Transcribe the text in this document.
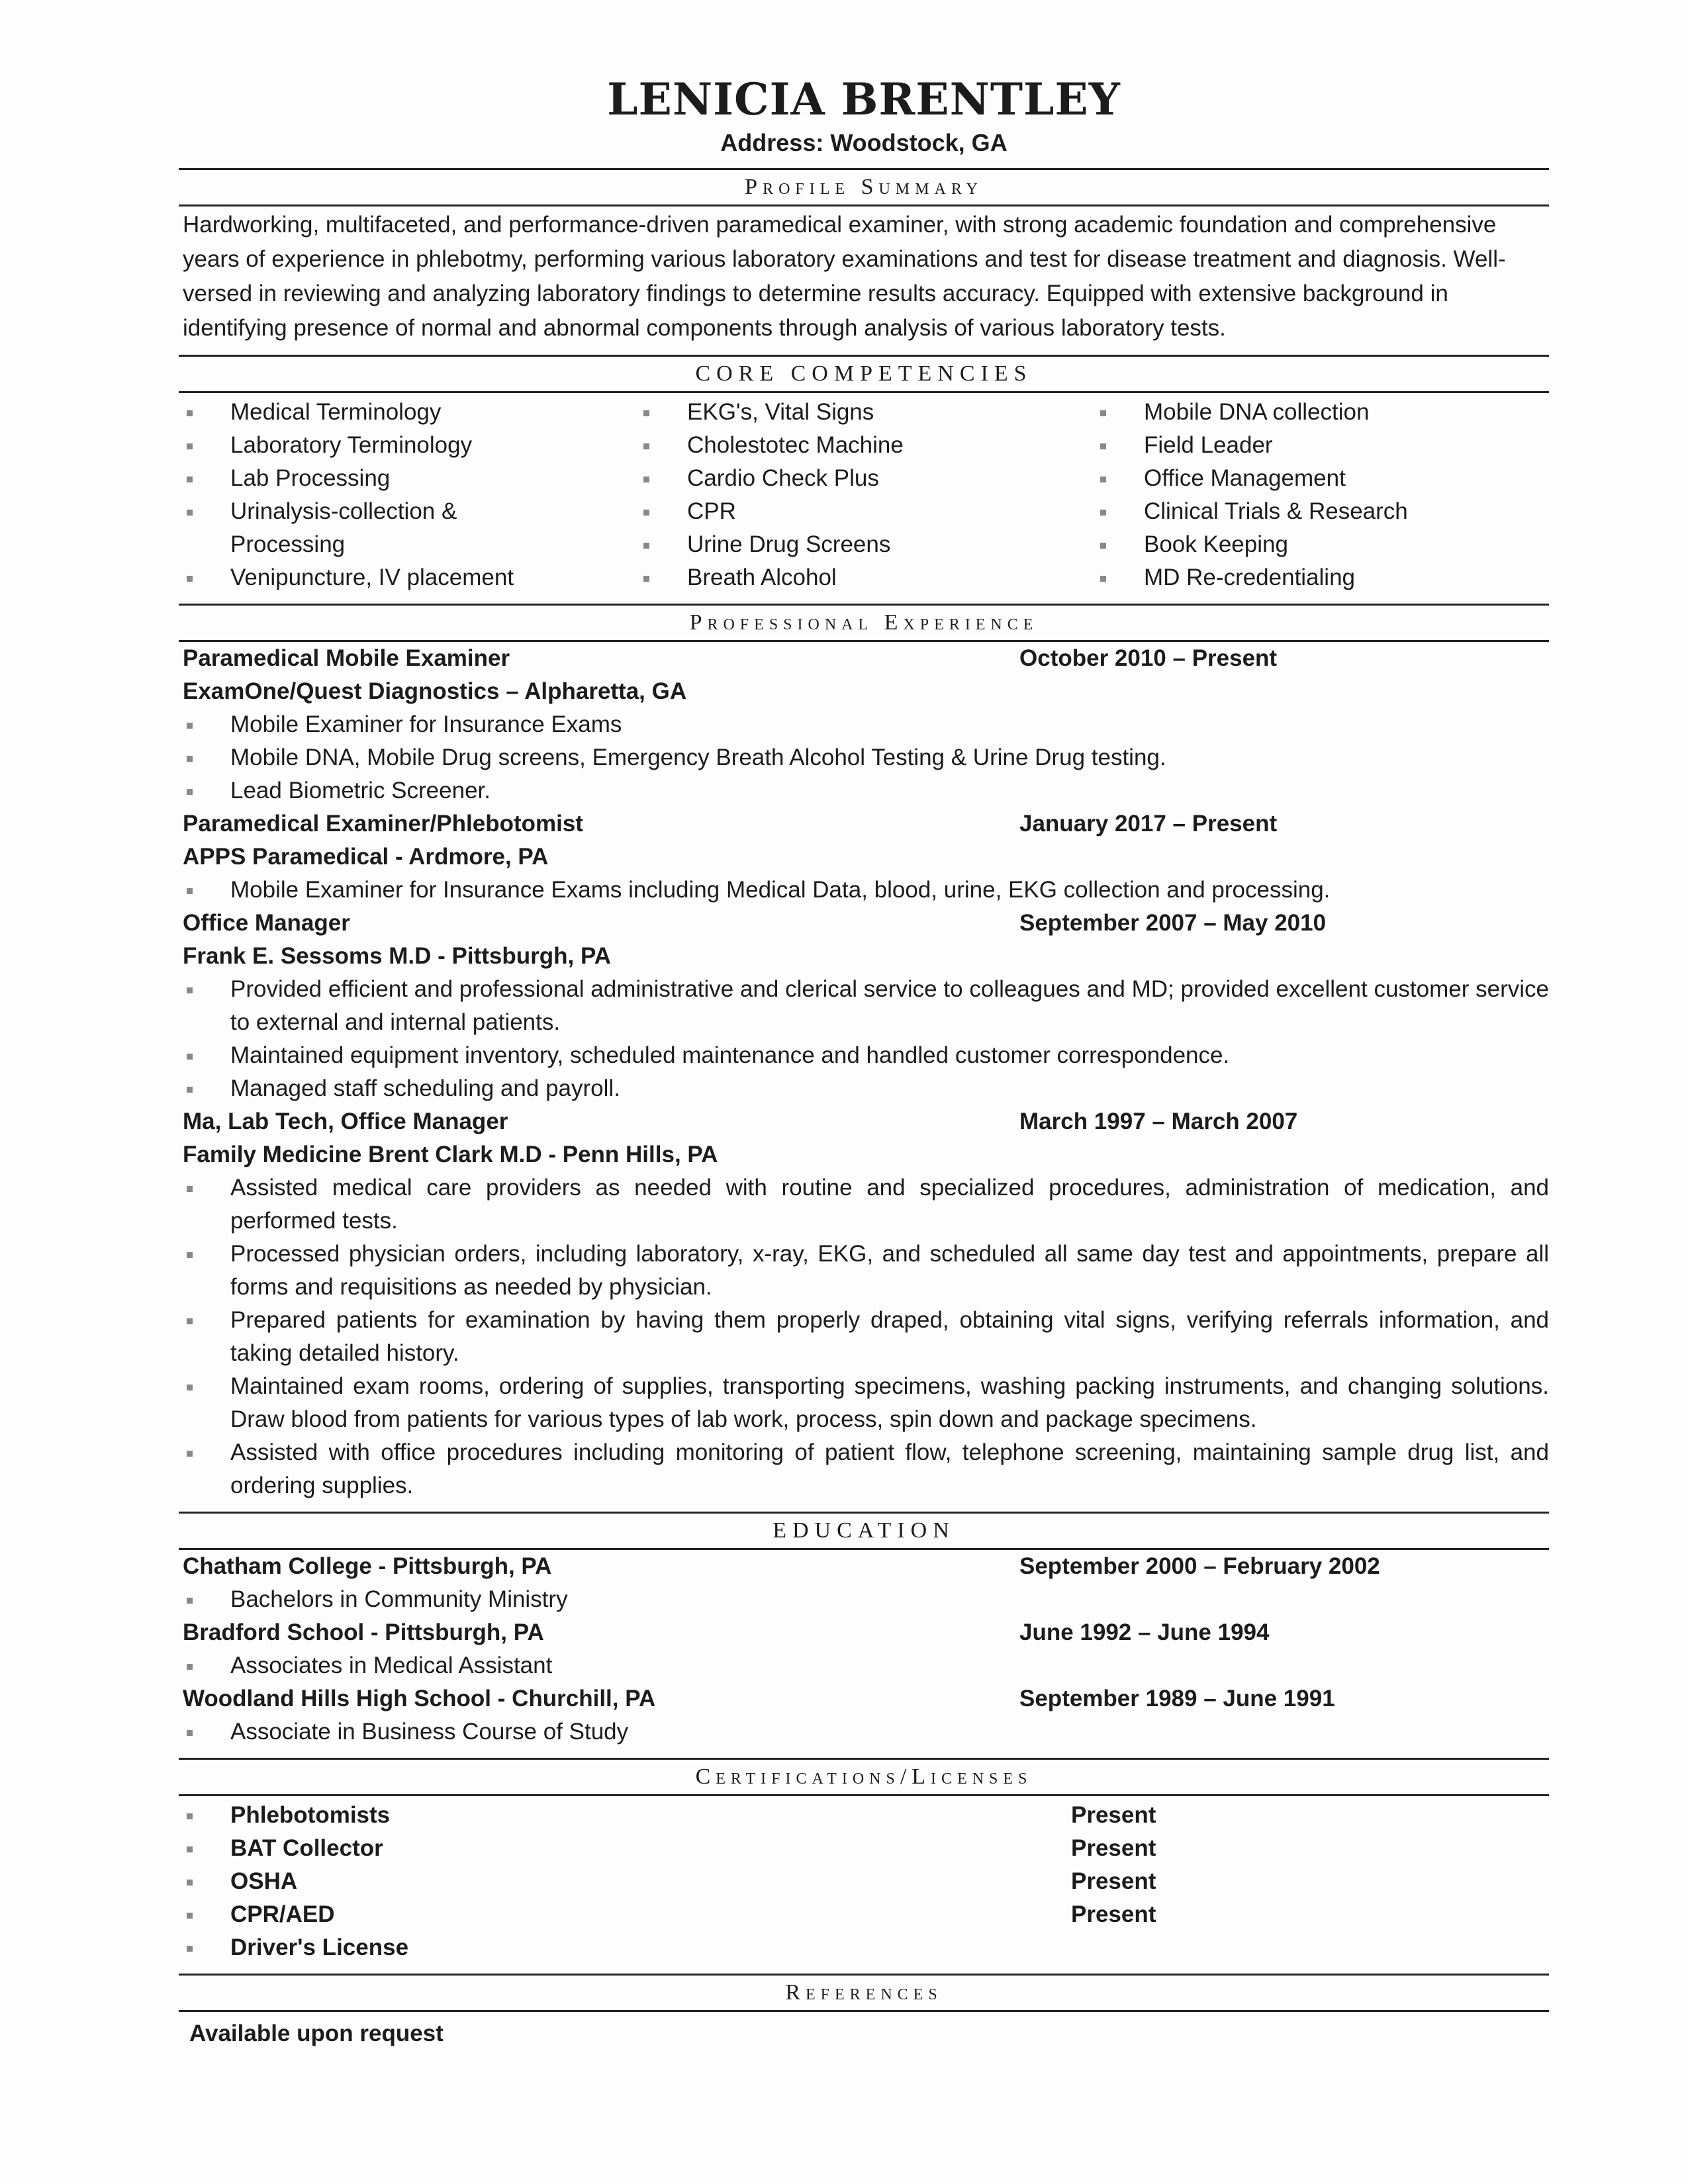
LENICIA BRENTLEY
Address: Woodstock, GA
Profile Summary
Hardworking, multifaceted, and performance-driven paramedical examiner, with strong academic foundation and comprehensive years of experience in phlebotmy, performing various laboratory examinations and test for disease treatment and diagnosis. Well-versed in reviewing and analyzing laboratory findings to determine results accuracy. Equipped with extensive background in identifying presence of normal and abnormal components through analysis of various laboratory tests.
CORE COMPETENCIES
Medical Terminology
Laboratory Terminology
Lab Processing
Urinalysis-collection & Processing
Venipuncture, IV placement
EKG's, Vital Signs
Cholestotec Machine
Cardio Check Plus
CPR
Urine Drug Screens
Breath Alcohol
Mobile DNA collection
Field Leader
Office Management
Clinical Trials & Research
Book Keeping
MD Re-credentialing
Professional Experience
Paramedical Mobile Examiner	October 2010 – Present
ExamOne/Quest Diagnostics – Alpharetta, GA
Mobile Examiner for Insurance Exams
Mobile DNA, Mobile Drug screens, Emergency Breath Alcohol Testing & Urine Drug testing.
Lead Biometric Screener.
Paramedical Examiner/Phlebotomist	January 2017 – Present
APPS Paramedical - Ardmore, PA
Mobile Examiner for Insurance Exams including Medical Data, blood, urine, EKG collection and processing.
Office Manager	September 2007 – May 2010
Frank E. Sessoms M.D - Pittsburgh, PA
Provided efficient and professional administrative and clerical service to colleagues and MD; provided excellent customer service to external and internal patients.
Maintained equipment inventory, scheduled maintenance and handled customer correspondence.
Managed staff scheduling and payroll.
Ma, Lab Tech, Office Manager	March 1997 – March 2007
Family Medicine Brent Clark M.D - Penn Hills, PA
Assisted medical care providers as needed with routine and specialized procedures, administration of medication, and performed tests.
Processed physician orders, including laboratory, x-ray, EKG, and scheduled all same day test and appointments, prepare all forms and requisitions as needed by physician.
Prepared patients for examination by having them properly draped, obtaining vital signs, verifying referrals information, and taking detailed history.
Maintained exam rooms, ordering of supplies, transporting specimens, washing packing instruments, and changing solutions. Draw blood from patients for various types of lab work, process, spin down and package specimens.
Assisted with office procedures including monitoring of patient flow, telephone screening, maintaining sample drug list, and ordering supplies.
EDUCATION
Chatham College - Pittsburgh, PA	September 2000 – February 2002
Bachelors in Community Ministry
Bradford School - Pittsburgh, PA	June 1992 – June 1994
Associates in Medical Assistant
Woodland Hills High School - Churchill, PA	September 1989 – June 1991
Associate in Business Course of Study
Certifications/Licenses
Phlebotomists	Present
BAT Collector	Present
OSHA	Present
CPR/AED	Present
Driver's License
References
Available upon request
